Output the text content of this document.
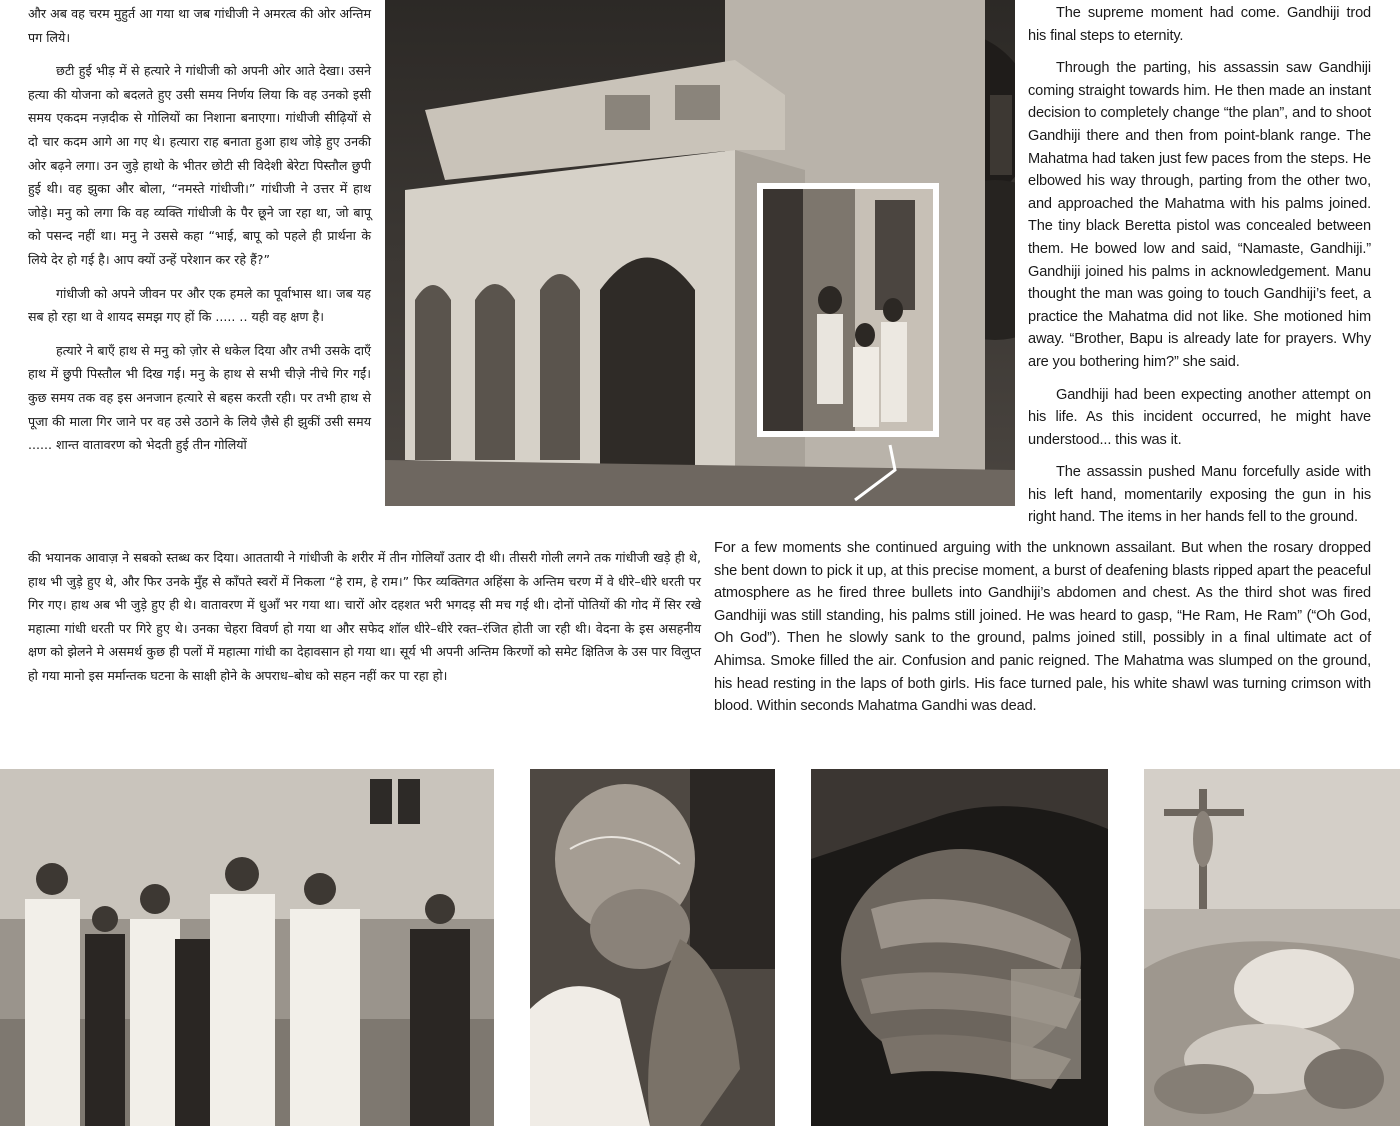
और अब वह चरम मुहुर्त आ गया था जब गांधीजी ने अमरत्व की ओर अन्तिम पग लिये।

छटी हुई भीड़ में से हत्यारे ने गांधीजी को अपनी ओर आते देखा। उसने हत्या की योजना को बदलते हुए उसी समय निर्णय लिया कि वह उनको इसी समय एकदम नज़दीक से गोलियों का निशाना बनाएगा। गांधीजी सीढ़ियों से दो चार कदम आगे आ गए थे। हत्यारा राह बनाता हुआ हाथ जोड़े हुए उनकी ओर बढ़ने लगा। उन जुड़े हाथो के भीतर छोटी सी विदेशी बेरेटा पिस्तौल छुपी हुई थी। वह झुका और बोला, “नमस्ते गांधीजी।” गांधीजी ने उत्तर में हाथ जोड़े। मनु को लगा कि वह व्यक्ति गांधीजी के पैर छूने जा रहा था, जो बापू को पसन्द नहीं था। मनु ने उससे कहा “भाई, बापू को पहले ही प्रार्थना के लिये देर हो गई है। आप क्यों उन्हें परेशान कर रहे हैं?”

गांधीजी को अपने जीवन पर और एक हमले का पूर्वाभास था। जब यह सब हो रहा था वे शायद समझ गए हों कि ..... .. यही वह क्षण है।

हत्यारे ने बाएँ हाथ से मनु को ज़ोर से धकेल दिया और तभी उसके दाएँ हाथ में छुपी पिस्तौल भी दिख गई। मनु के हाथ से सभी चीज़े नीचे गिर गईं। कुछ समय तक वह इस अनजान हत्यारे से बहस करती रही। पर तभी हाथ से पूजा की माला गिर जाने पर वह उसे उठाने के लिये ज़ैसे ही झुकीं उसी समय ...... शान्त वातावरण को भेदती हुई तीन गोलियों

की भयानक आवाज़ ने सबको स्तब्ध कर दिया। आततायी ने गांधीजी के शरीर में तीन गोलियाँ उतार दी थी। तीसरी गोली लगने तक गांधीजी खड़े ही थे, हाथ भी जुड़े हुए थे, और फिर उनके मुँह से काँपते स्वरों में निकला “हे राम, हे राम।” फिर व्यक्तिगत अहिंसा के अन्तिम चरण में वे धीरे–धीरे धरती पर गिर गए। हाथ अब भी जुड़े हुए ही थे। वातावरण में धुआँ भर गया था। चारों ओर दहशत भरी भगदड़ सी मच गई थी। दोनों पोतियों की गोद में सिर रखे महात्मा गांधी धरती पर गिरे हुए थे। उनका चेहरा विवर्ण हो गया था और सफेद शॉल धीरे–धीरे रक्त–रंजित होती जा रही थी। वेदना के इस असहनीय क्षण को झेलने मे असमर्थ कुछ ही पलों में महात्मा गांधी का देहावसान हो गया था। सूर्य भी अपनी अन्तिम किरणों को समेट क्षितिज के उस पार विलुप्त हो गया मानो इस मर्मान्तक घटना के साक्षी होने के अपराध–बोध को सहन नहीं कर पा रहा हो।

The supreme moment had come. Gandhiji trod his final steps to eternity.

Through the parting, his assassin saw Gandhiji coming straight towards him. He then made an instant decision to completely change “the plan”, and to shoot Gandhiji there and then from point-blank range. The Mahatma had taken just few paces from the steps. He elbowed his way through, parting from the other two, and approached the Mahatma with his palms joined. The tiny black Beretta pistol was concealed between them. He bowed low and said, “Namaste, Gandhiji.” Gandhiji joined his palms in acknowledgement. Manu thought the man was going to touch Gandhiji’s feet, a practice the Mahatma did not like. She motioned him away. “Brother, Bapu is already late for prayers. Why are you bothering him?” she said.

Gandhiji had been expecting another attempt on his life. As this incident occurred, he might have understood... this was it.

The assassin pushed Manu forcefully aside with his left hand, momentarily exposing the gun in his right hand. The items in her hands fell to the ground.

For a few moments she continued arguing with the unknown assailant. But when the rosary dropped she bent down to pick it up, at this precise moment, a burst of deafening blasts ripped apart the peaceful atmosphere as he fired three bullets into Gandhiji’s abdomen and chest. As the third shot was fired Gandhiji was still standing, his palms still joined. He was heard to gasp, “He Ram, He Ram” (“Oh God, Oh God”). Then he slowly sank to the ground, palms joined still, possibly in a final ultimate act of Ahimsa. Smoke filled the air. Confusion and panic reigned. The Mahatma was slumped on the ground, his head resting in the laps of both girls. His face turned pale, his white shawl was turning crimson with blood. Within seconds Mahatma Gandhi was dead.
